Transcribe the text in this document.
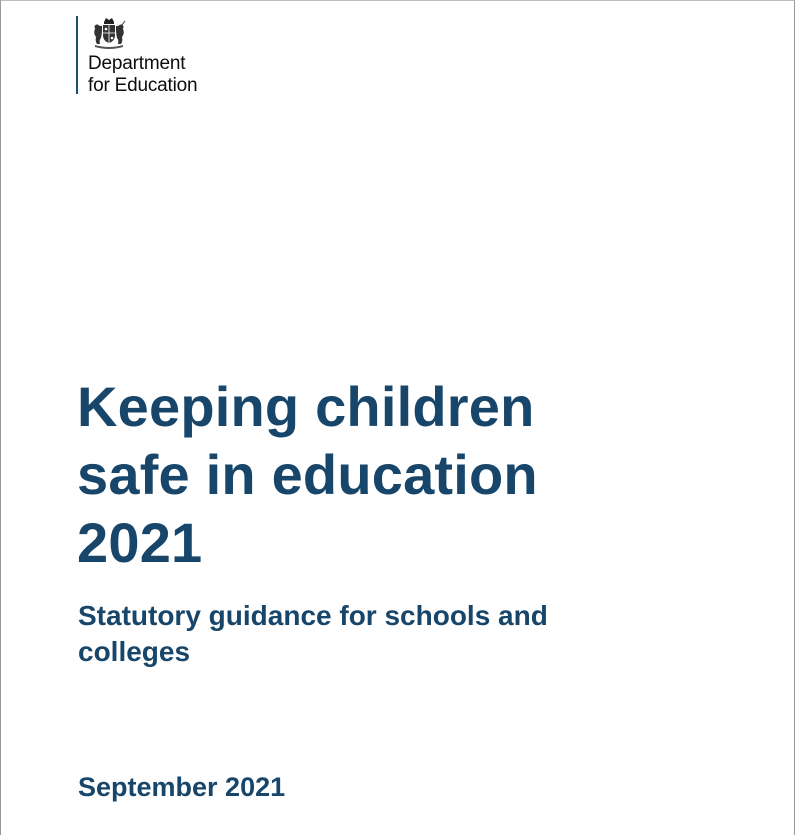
Department
for Education
Keeping children
safe in education
2021
Statutory guidance for schools and
colleges

September 2021
